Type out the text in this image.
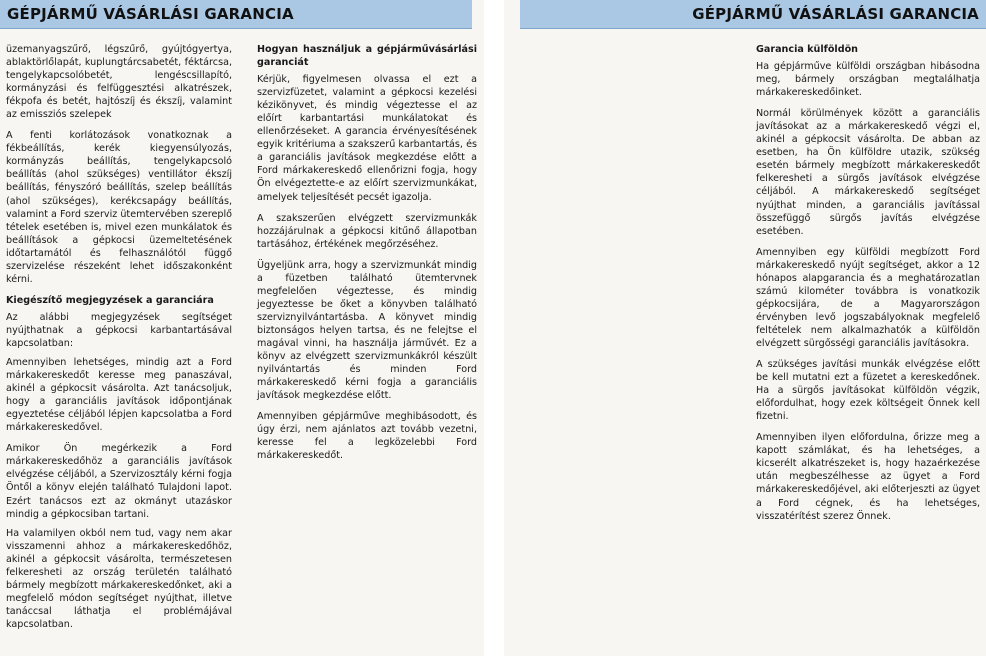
GÉPJÁRMŰ VÁSÁRLÁSI GARANCIA

üzemanyagszűrő, légszűrő, gyújtógyertya, ablaktörlőlapát, kuplungtárcsabetét, féktárcsa, tengelykapcsolóbetét, lengéscsillapító, kormányzási és felfüggesztési alkatrészek, fékpofa és betét, hajtószíj és ékszíj, valamint az emissziós szelepek

A fenti korlátozások vonatkoznak a fékbeállítás, kerék kiegyensúlyozás, kormányzás beállítás, tengelykapcsoló beállítás (ahol szükséges) ventillátor ékszíj beállítás, fényszóró beállítás, szelep beállítás (ahol szükséges), kerékcsapágy beállítás, valamint a Ford szerviz ütemtervében szereplő tételek esetében is, mivel ezen munkálatok és beállítások a gépkocsi üzemeltetésének időtartamától és felhasználótól függő szervizelése részeként lehet időszakonként kérni.

Kiegészítő megjegyzések a garanciára

Az alábbi megjegyzések segítséget nyújthatnak a gépkocsi karbantartásával kapcsolatban:

Amennyiben lehetséges, mindig azt a Ford márkakereskedőt keresse meg panaszával, akinél a gépkocsit vásárolta. Azt tanácsoljuk, hogy a garanciális javítások időpontjának egyeztetése céljából lépjen kapcsolatba a Ford márkakereskedővel.

Amikor Ön megérkezik a Ford márkakereskedőhöz a garanciális javítások elvégzése céljából, a Szervizosztály kérni fogja Öntől a könyv elején található Tulajdoni lapot. Ezért tanácsos ezt az okmányt utazáskor mindig a gépkocsiban tartani.

Ha valamilyen okból nem tud, vagy nem akar visszamenni ahhoz a márkakereskedőhöz, akinél a gépkocsit vásárolta, természetesen felkeresheti az ország területén található bármely megbízott márkakereskedőnket, aki a megfelelő módon segítséget nyújthat, illetve tanáccsal láthatja el problémájával kapcsolatban.

Hogyan használjuk a gépjárművásárlási garanciát

Kérjük, figyelmesen olvassa el ezt a szervizfüzetet, valamint a gépkocsi kezelési kézikönyvet, és mindig végeztesse el az előírt karbantartási munkálatokat és ellenőrzéseket. A garancia érvényesítésének egyik kritériuma a szakszerű karbantartás, és a garanciális javítások megkezdése előtt a Ford márkakereskedő ellenőrizni fogja, hogy Ön elvégeztette-e az előírt szervizmunkákat, amelyek teljesítését pecsét igazolja.

A szakszerűen elvégzett szervizmunkák hozzájárulnak a gépkocsi kitűnő állapotban tartásához, értékének megőrzéséhez.

Ügyeljünk arra, hogy a szervizmunkát mindig a füzetben található ütemtervnek megfelelően végeztesse, és mindig jegyeztesse be őket a könyvben található szerviznyilvántartásba. A könyvet mindig biztonságos helyen tartsa, és ne felejtse el magával vinni, ha használja járművét. Ez a könyv az elvégzett szervizmunkákról készült nyilvántartás és minden Ford márkakereskedő kérni fogja a garanciális javítások megkezdése előtt.

Amennyiben gépjárműve meghibásodott, és úgy érzi, nem ajánlatos azt tovább vezetni, keresse fel a legközelebbi Ford márkakereskedőt.

GÉPJÁRMŰ VÁSÁRLÁSI GARANCIA
Garancia külföldön

Ha gépjárműve külföldi országban hibásodna meg, bármely országban megtalálhatja márkakereskedőinket.

Normál körülmények között a garanciális javításokat az a márkakereskedő végzi el, akinél a gépkocsit vásárolta. De abban az esetben, ha Ön külföldre utazik, szükség esetén bármely megbízott márkakereskedőt felkeresheti a sürgős javítások elvégzése céljából. A márkakereskedő segítséget nyújthat minden, a garanciális javítással összefüggő sürgős javítás elvégzése esetében.

Amennyiben egy külföldi megbízott Ford márkakereskedő nyújt segítséget, akkor a 12 hónapos alapgarancia és a meghatározatlan számú kilométer továbbra is vonatkozik gépkocsijára, de a Magyarországon érvényben levő jogszabályoknak megfelelő feltételek nem alkalmazhatók a külföldön elvégzett sürgősségi garanciális javításokra.

A szükséges javítási munkák elvégzése előtt be kell mutatni ezt a füzetet a kereskedőnek. Ha a sürgős javításokat külföldön végzik, előfordulhat, hogy ezek költségeit Önnek kell fizetni.

Amennyiben ilyen előfordulna, őrizze meg a kapott számlákat, és ha lehetséges, a kicserélt alkatrészeket is, hogy hazaérkezése után megbeszélhesse az ügyet a Ford márkakereskedőjével, aki előterjeszti az ügyet a Ford cégnek, és ha lehetséges, visszatérítést szerez Önnek.
